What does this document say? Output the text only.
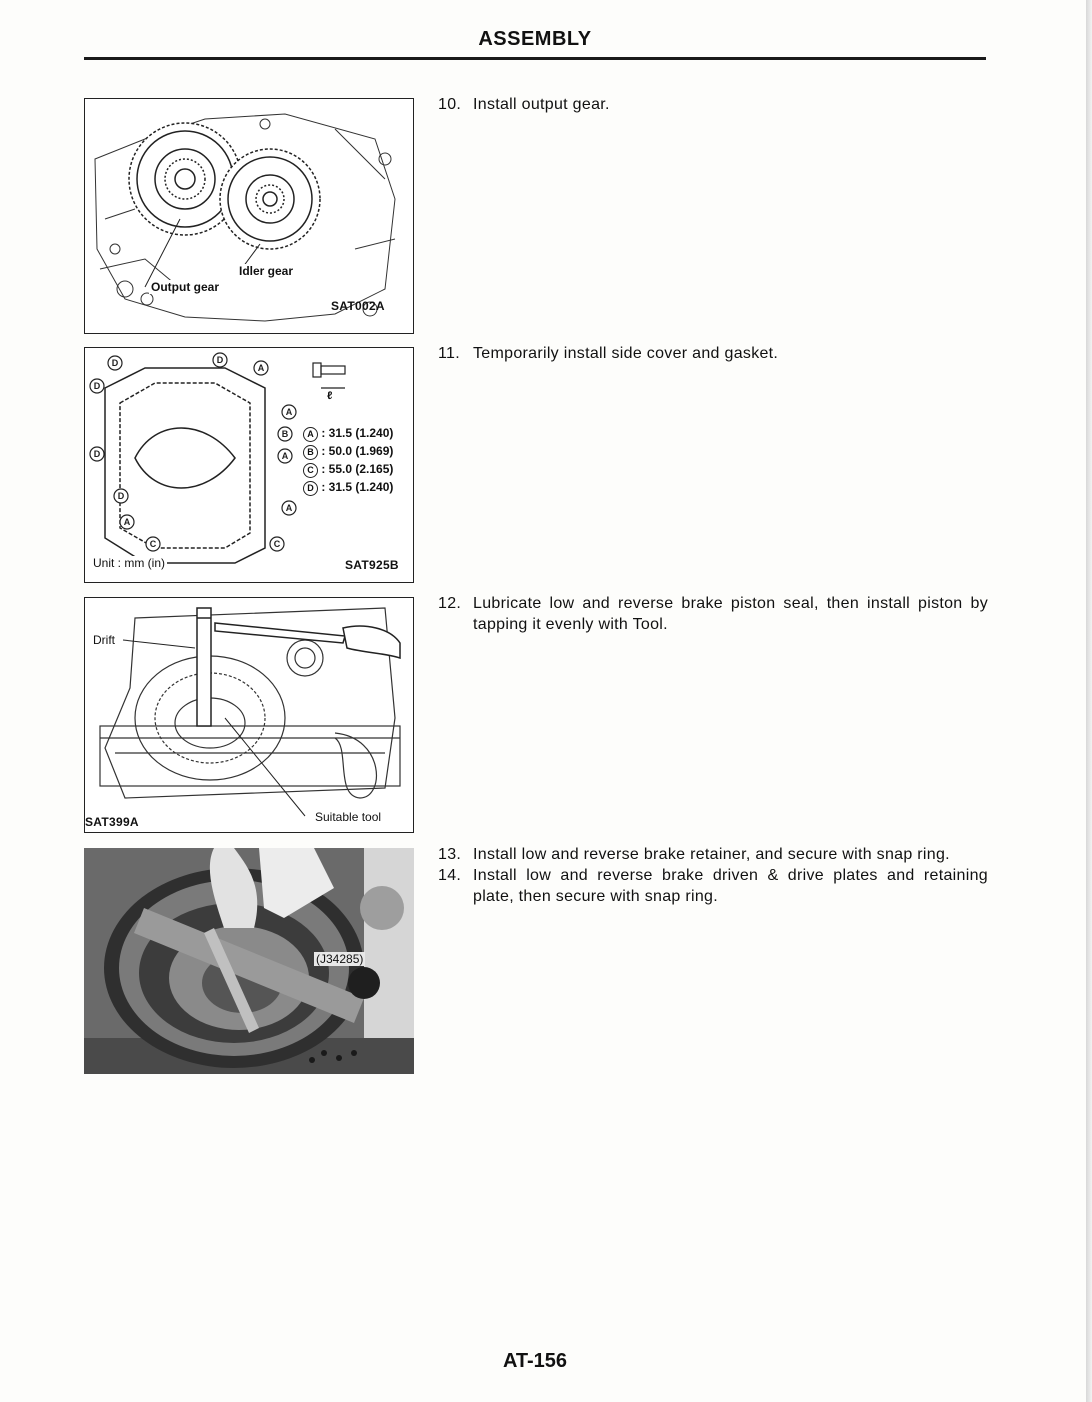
ASSEMBLY
Idler gear
Output gear
SAT002A
D	D
A
D
A
B
A
D
D
A
A
C	C
ℓ
A : 31.5 (1.240)
B : 50.0 (1.969)
C : 55.0 (2.165)
D : 31.5 (1.240)
Unit : mm (in)	SAT925B
Drift
Suitable tool
SAT399A
(J34285)
10. Install output gear.
11. Temporarily install side cover and gasket.
12. Lubricate low and reverse brake piston seal, then install piston by tapping it evenly with Tool.
13. Install low and reverse brake retainer, and secure with snap ring.
14. Install low and reverse brake driven & drive plates and retaining plate, then secure with snap ring.
AT-156
